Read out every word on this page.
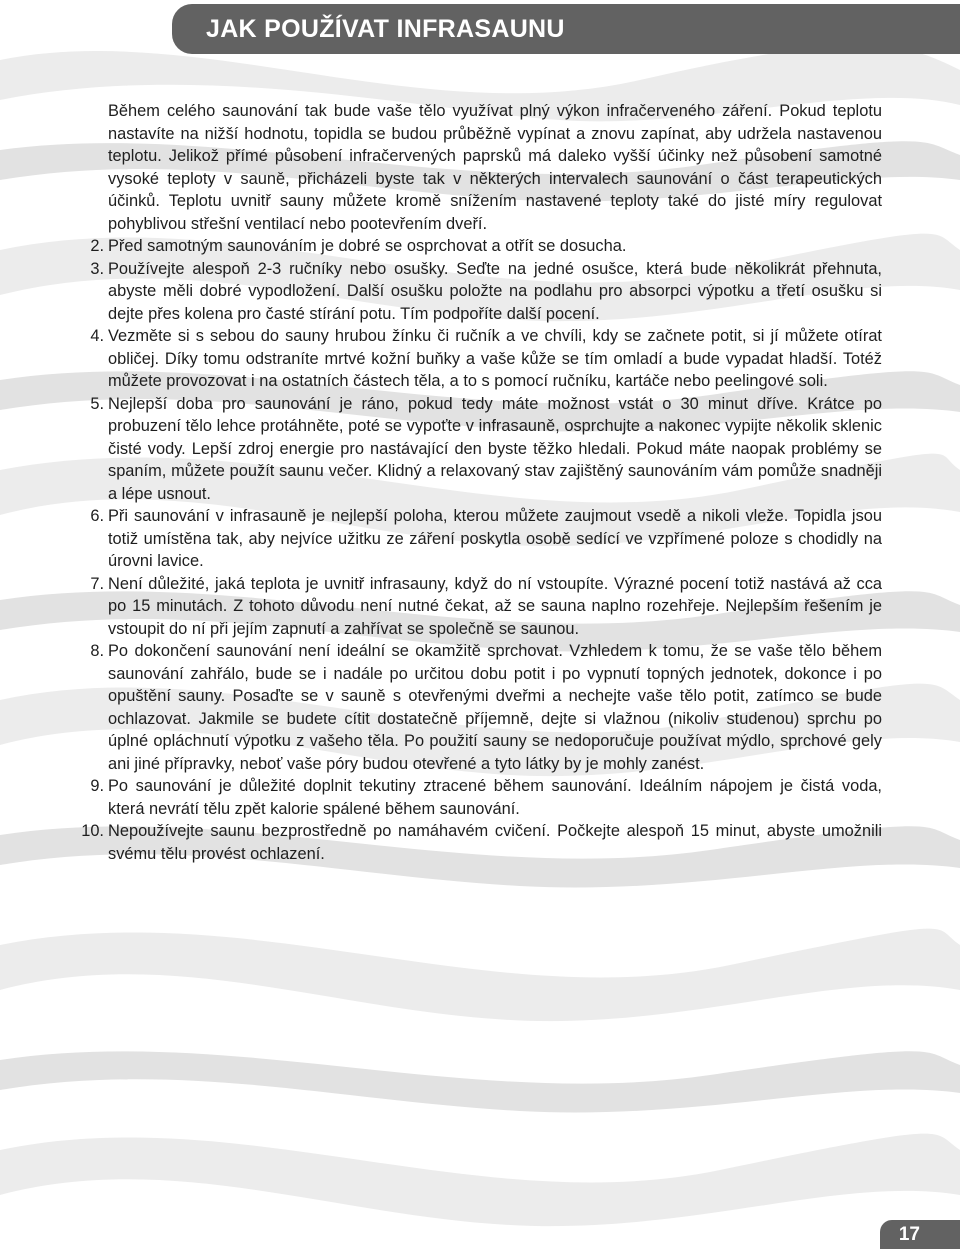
JAK POUŽÍVAT INFRASAUNU

Během celého saunování tak bude vaše tělo využívat plný výkon infračerveného záření. Pokud teplotu nastavíte na nižší hodnotu, topidla se budou průběžně vypínat a znovu zapínat, aby udržela nastavenou teplotu. Jelikož přímé působení infračervených paprsků má daleko vyšší účinky než působení samotné vysoké teploty v sauně, přicházeli byste tak v některých intervalech saunování o část terapeutických účinků. Teplotu uvnitř sauny můžete kromě snížením nastavené teploty také do jisté míry regulovat pohyblivou střešní ventilací nebo pootevřením dveří.

2. Před samotným saunováním je dobré se osprchovat a otřít se dosucha.
3. Používejte alespoň 2-3 ručníky nebo osušky. Seďte na jedné osušce, která bude několikrát přehnuta, abyste měli dobré vypodložení. Další osušku položte na podlahu pro absorpci výpotku a třetí osušku si dejte přes kolena pro časté stírání potu. Tím podpoříte další pocení.
4. Vezměte si s sebou do sauny hrubou žínku či ručník a ve chvíli, kdy se začnete potit, si jí můžete otírat obličej. Díky tomu odstraníte mrtvé kožní buňky a vaše kůže se tím omladí a bude vypadat hladší. Totéž můžete provozovat i na ostatních částech těla, a to s pomocí ručníku, kartáče nebo peelingové soli.
5. Nejlepší doba pro saunování je ráno, pokud tedy máte možnost vstát o 30 minut dříve. Krátce po probuzení tělo lehce protáhněte, poté se vypoťte v infrasauně, osprchujte a nakonec vypijte několik sklenic čisté vody. Lepší zdroj energie pro nastávající den byste těžko hledali. Pokud máte naopak problémy se spaním, můžete použít saunu večer. Klidný a relaxovaný stav zajištěný saunováním vám pomůže snadněji a lépe usnout.
6. Při saunování v infrasauně je nejlepší poloha, kterou můžete zaujmout vsedě a nikoli vleže. Topidla jsou totiž umístěna tak, aby nejvíce užitku ze záření poskytla osobě sedící ve vzpřímené poloze s chodidly na úrovni lavice.
7. Není důležité, jaká teplota je uvnitř infrasauny, když do ní vstoupíte. Výrazné pocení totiž nastává až cca po 15 minutách. Z tohoto důvodu není nutné čekat, až se sauna naplno rozehřeje. Nejlepším řešením je vstoupit do ní při jejím zapnutí a zahřívat se společně se saunou.
8. Po dokončení saunování není ideální se okamžitě sprchovat. Vzhledem k tomu, že se vaše tělo během saunování zahřálo, bude se i nadále po určitou dobu potit i po vypnutí topných jednotek, dokonce i po opuštění sauny. Posaďte se v sauně s otevřenými dveřmi a nechejte vaše tělo potit, zatímco se bude ochlazovat. Jakmile se budete cítit dostatečně příjemně, dejte si vlažnou (nikoliv studenou) sprchu po úplné opláchnutí výpotku z vašeho těla. Po použití sauny se nedoporučuje používat mýdlo, sprchové gely ani jiné přípravky, neboť vaše póry budou otevřené a tyto látky by je mohly zanést.
9. Po saunování je důležité doplnit tekutiny ztracené během saunování. Ideálním nápojem je čistá voda, která nevrátí tělu zpět kalorie spálené během saunování.
10. Nepoužívejte saunu bezprostředně po namáhavém cvičení. Počkejte alespoň 15 minut, abyste umožnili svému tělu provést ochlazení.
17
